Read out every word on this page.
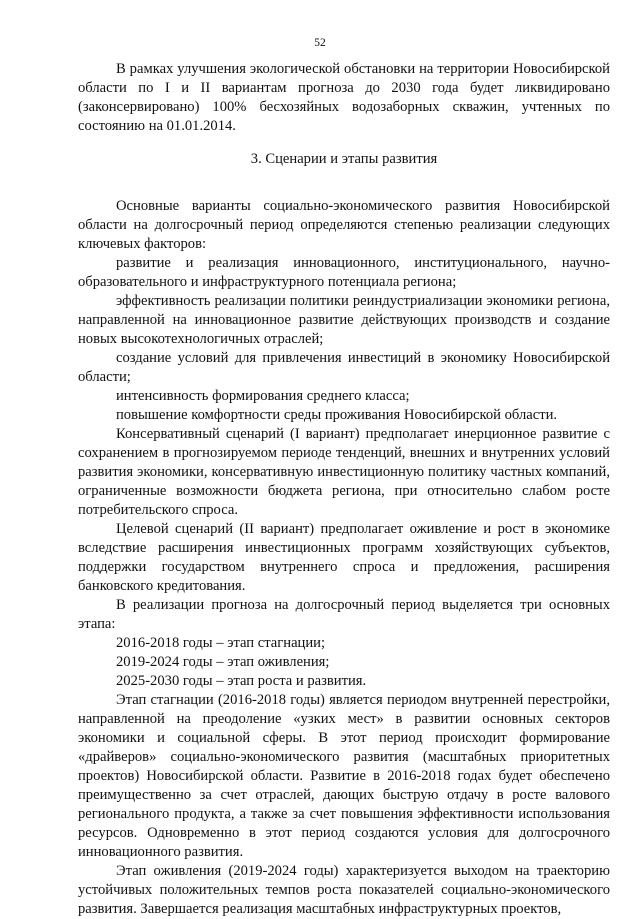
52

В рамках улучшения экологической обстановки на территории Новосибирской области по I и II вариантам прогноза до 2030 года будет ликвидировано (законсервировано) 100% бесхозяйных водозаборных скважин, учтенных по состоянию на 01.01.2014.

3. Сценарии и этапы развития

Основные варианты социально-экономического развития Новосибирской области на долгосрочный период определяются степенью реализации следующих ключевых факторов:

развитие и реализация инновационного, институционального, научно-образовательного и инфраструктурного потенциала региона;

эффективность реализации политики реиндустриализации экономики региона, направленной на инновационное развитие действующих производств и создание новых высокотехнологичных отраслей;

создание условий для привлечения инвестиций в экономику Новосибирской области;

интенсивность формирования среднего класса;

повышение комфортности среды проживания Новосибирской области.

Консервативный сценарий (I вариант) предполагает инерционное развитие с сохранением в прогнозируемом периоде тенденций, внешних и внутренних условий развития экономики, консервативную инвестиционную политику частных компаний, ограниченные возможности бюджета региона, при относительно слабом росте потребительского спроса.

Целевой сценарий (II вариант) предполагает оживление и рост в экономике вследствие расширения инвестиционных программ хозяйствующих субъектов, поддержки государством внутреннего спроса и предложения, расширения банковского кредитования.

В реализации прогноза на долгосрочный период выделяется три основных этапа:

2016-2018 годы – этап стагнации;

2019-2024 годы – этап оживления;

2025-2030 годы – этап роста и развития.

Этап стагнации (2016-2018 годы) является периодом внутренней перестройки, направленной на преодоление «узких мест» в развитии основных секторов экономики и социальной сферы. В этот период происходит формирование «драйверов» социально-экономического развития (масштабных приоритетных проектов) Новосибирской области. Развитие в 2016-2018 годах будет обеспечено преимущественно за счет отраслей, дающих быструю отдачу в росте валового регионального продукта, а также за счет повышения эффективности использования ресурсов. Одновременно в этот период создаются условия для долгосрочного инновационного развития.

Этап оживления (2019-2024 годы) характеризуется выходом на траекторию устойчивых положительных темпов роста показателей социально-экономического развития. Завершается реализация масштабных инфраструктурных проектов,
